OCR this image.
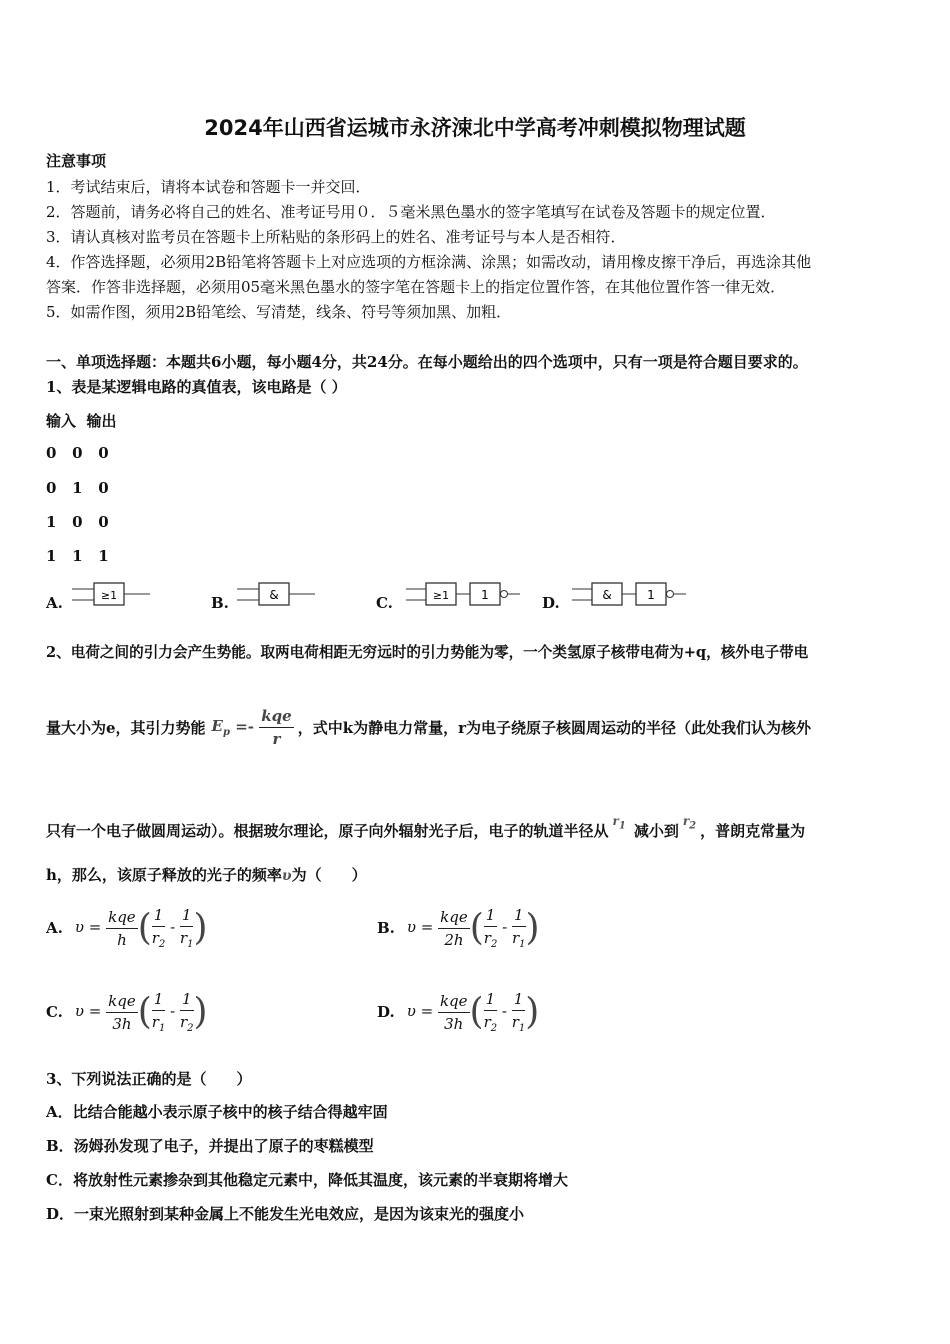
2024年山西省运城市永济涑北中学高考冲刺模拟物理试题
注意事项
1．考试结束后，请将本试卷和答题卡一并交回．
2．答题前，请务必将自己的姓名、准考证号用０．５毫米黑色墨水的签字笔填写在试卷及答题卡的规定位置．
3．请认真核对监考员在答题卡上所粘贴的条形码上的姓名、准考证号与本人是否相符．
4．作答选择题，必须用2B铅笔将答题卡上对应选项的方框涂满、涂黑；如需改动，请用橡皮擦干净后，再选涂其他
答案．作答非选择题，必须用05毫米黑色墨水的签字笔在答题卡上的指定位置作答，在其他位置作答一律无效．
5．如需作图，须用2B铅笔绘、写清楚，线条、符号等须加黑、加粗．
一、单项选择题：本题共6小题，每小题4分，共24分。在每小题给出的四个选项中，只有一项是符合题目要求的。
1、表是某逻辑电路的真值表，该电路是（ ）
输入  输出
0   0   0
0   1   0
1   0   0
1   1   1
A.	≥1	B.	&	C.	≥1	1	D.	&	1
2、电荷之间的引力会产生势能。取两电荷相距无穷远时的引力势能为零，一个类氢原子核带电荷为+q，核外电子带电
量大小为e，其引力势能 $E_p =- \frac{\text{kqe}}{r}$ ，式中k为静电力常量，r为电子绕原子核圆周运动的半径（此处我们认为核外
只有一个电子做圆周运动）。根据玻尔理论，原子向外辐射光子后，电子的轨道半径从
$r_1$ 减小到
$r_2$ ，普朗克常量为
h，那么，该原子释放的光子的频率υ为（　　）
A. $\upsilon = \frac{\text{kqe}}{h}$ ( $\frac{1}{r_2} - \frac{1}{r_1}$ )	B. $\upsilon = \frac{\text{kqe}}{2h}$ ( $\frac{1}{r_2} - \frac{1}{r_1}$ )
C. $\upsilon = \frac{\text{kqe}}{3h}$ ( $\frac{1}{r_1} - \frac{1}{r_2}$ )	D. $\upsilon = \frac{\text{kqe}}{3h}$ ( $\frac{1}{r_2} - \frac{1}{r_1}$ )
3、下列说法正确的是（　　）
A．比结合能越小表示原子核中的核子结合得越牢固
B．汤姆孙发现了电子，并提出了原子的枣糕模型
C．将放射性元素掺杂到其他稳定元素中，降低其温度，该元素的半衰期将增大
D．一束光照射到某种金属上不能发生光电效应，是因为该束光的强度小
